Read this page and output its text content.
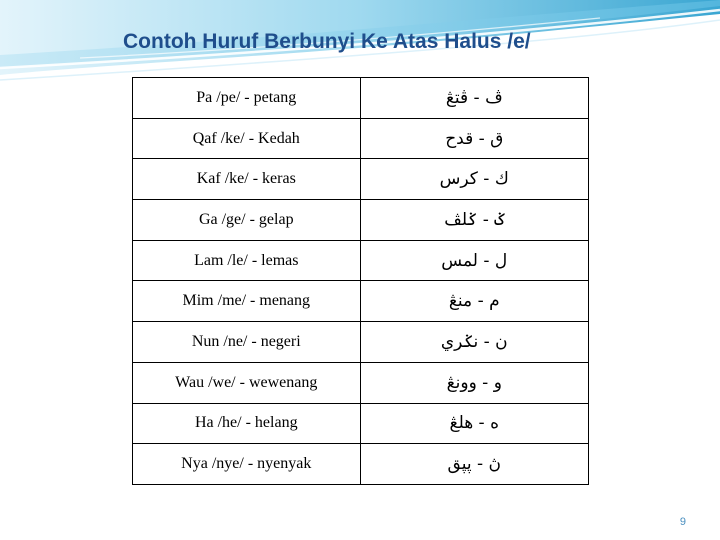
Contoh Huruf Berbunyi Ke Atas Halus /e/
Pa /pe/ - petang	ڤ - ڤتڠ
Qaf /ke/ - Kedah	ق - قدح
Kaf /ke/ - keras	ك - كرس
Ga /ge/ - gelap	ݢ - ݢلڤ
Lam /le/ - lemas	ل - لمس
Mim /me/ - menang	م - منڠ
Nun /ne/ - negeri	ن - نݢري
Wau /we/ - wewenang	و - وونڠ
Ha /he/ - helang	ه - هلڠ
Nya /nye/ - nyenyak	ڽ - ڽڽق
9
